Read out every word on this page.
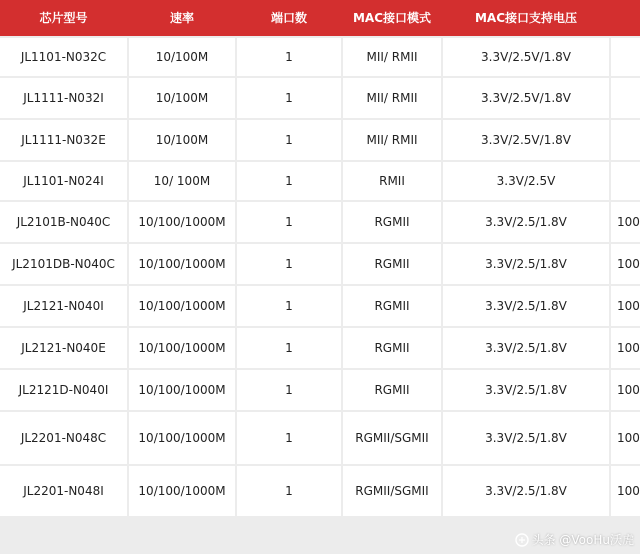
芯片型号	速率	端口数	MAC接口模式	MAC接口支持电压
JL1101-N032C	10/100M	1	MII/ RMII	3.3V/2.5V/1.8V
JL1111-N032I	10/100M	1	MII/ RMII	3.3V/2.5V/1.8V
JL1111-N032E	10/100M	1	MII/ RMII	3.3V/2.5V/1.8V
JL1101-N024I	10/ 100M	1	RMII	3.3V/2.5V
JL2101B-N040C 10/100/1000M	1	RGMII	3.3V/2.5/1.8V	100
JL2101DB-N040C 10/100/1000M	1	RGMII	3.3V/2.5/1.8V	100
JL2121-N040I	10/100/1000M	1	RGMII	3.3V/2.5/1.8V	100
JL2121-N040E	10/100/1000M	1	RGMII	3.3V/2.5/1.8V	100
JL2121D-N040I	10/100/1000M	1	RGMII	3.3V/2.5/1.8V	100
JL2201-N048C	10/100/1000M	1	RGMII/SGMII	3.3V/2.5/1.8V	100
JL2201-N048I	10/100/1000M	1	RGMII/SGMII	3.3V/2.5/1.8V	100
头条 @VooHu沃虎
